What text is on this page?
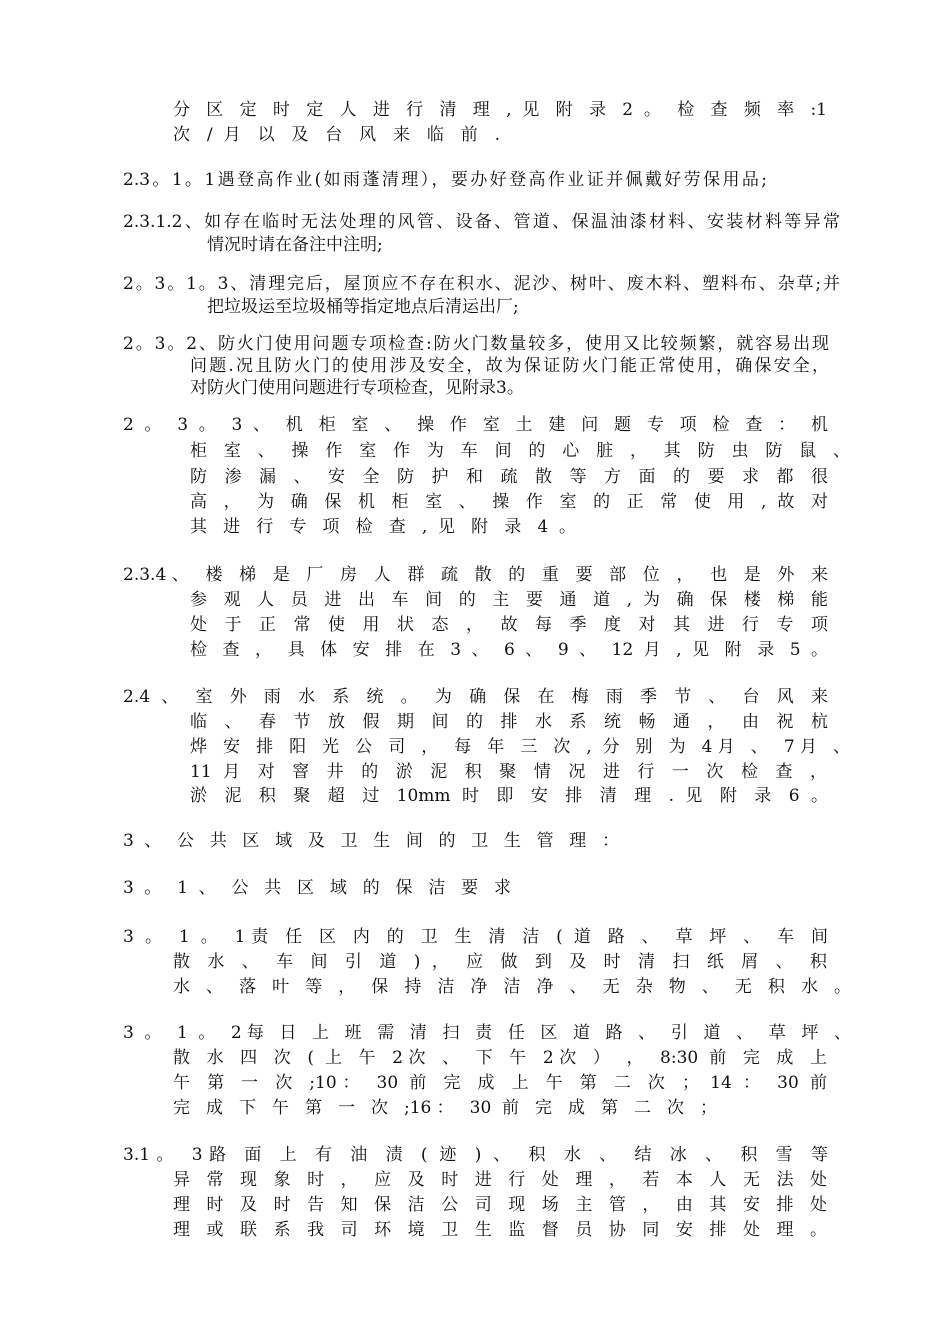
分 区 定 时 定 人 进 行 清 理 , 见 附 录 2 。 检 查 频 率 :1
次 / 月 以 及 台 风 来 临 前 .
2.3。1。1遇登高作业(如雨蓬清理），要办好登高作业证并佩戴好劳保用品;
2.3.1.2、如存在临时无法处理的风管、设备、管道、保温油漆材料、安装材料等异常
情况时请在备注中注明;
2。3。1。3、清理完后，屋顶应不存在积水、泥沙、树叶、废木料、塑料布、杂草;并
把垃圾运至垃圾桶等指定地点后清运出厂;
2。3。2、防火门使用问题专项检查:防火门数量较多，使用又比较频繁，就容易出现
问题.况且防火门的使用涉及安全，故为保证防火门能正常使用，确保安全，
对防火门使用问题进行专项检查，见附录3。
2 。 3 。 3 、 机 柜 室 、 操 作 室 土 建 问 题 专 项 检 查 ： 机
柜 室 、 操 作 室 作 为 车 间 的 心 脏 ， 其 防 虫 防 鼠 、
防 渗 漏 、 安 全 防 护 和 疏 散 等 方 面 的 要 求 都 很
高 ， 为 确 保 机 柜 室 、 操 作 室 的 正 常 使 用 , 故 对
其 进 行 专 项 检 查 , 见 附 录 4 。
2.3.4、 楼 梯 是 厂 房 人 群 疏 散 的 重 要 部 位 ， 也 是 外 来
参 观 人 员 进 出 车 间 的 主 要 通 道 , 为 确 保 楼 梯 能
处 于 正 常 使 用 状 态 ， 故 每 季 度 对 其 进 行 专 项
检 查 ， 具 体 安 排 在 3 、 6 、 9 、 12 月 , 见 附 录 5 。
2.4 、 室 外 雨 水 系 统 。 为 确 保 在 梅 雨 季 节 、 台 风 来
临 、 春 节 放 假 期 间 的 排 水 系 统 畅 通 ， 由 祝 杭
烨 安 排 阳 光 公 司 ， 每 年 三 次 , 分 别 为 4月 、 7月 、
11 月 对 窨 井 的 淤 泥 积 聚 情 况 进 行 一 次 检 查 ，
淤 泥 积 聚 超 过 10mm 时 即 安 排 清 理 . 见 附 录 6 。
3 、 公 共 区 域 及 卫 生 间 的 卫 生 管 理 ：
3 。 1 、 公 共 区 域 的 保 洁 要 求
3 。 1 。 1责 任 区 内 的 卫 生 清 洁 ( 道 路 、 草 坪 、 车 间
散 水 、 车 间 引 道 ) ， 应 做 到 及 时 清 扫 纸 屑 、 积
水 、 落 叶 等 ， 保 持 洁 净 洁 净 、 无 杂 物 、 无 积 水 。
3 。 1 。 2每 日 上 班 需 清 扫 责 任 区 道 路 、 引 道 、 草 坪 、
散 水 四 次 ( 上 午 2次 、 下 午 2次 ） ， 8:30 前 完 成 上
午 第 一 次 ;10： 30 前 完 成 上 午 第 二 次 ； 14 ： 30 前
完 成 下 午 第 一 次 ;16： 30 前 完 成 第 二 次 ；
3.1。 3路 面 上 有 油 渍 ( 迹 ) 、 积 水 、 结 冰 、 积 雪 等
异 常 现 象 时 ， 应 及 时 进 行 处 理 ， 若 本 人 无 法 处
理 时 及 时 告 知 保 洁 公 司 现 场 主 管 ， 由 其 安 排 处
理 或 联 系 我 司 环 境 卫 生 监 督 员 协 同 安 排 处 理 。
